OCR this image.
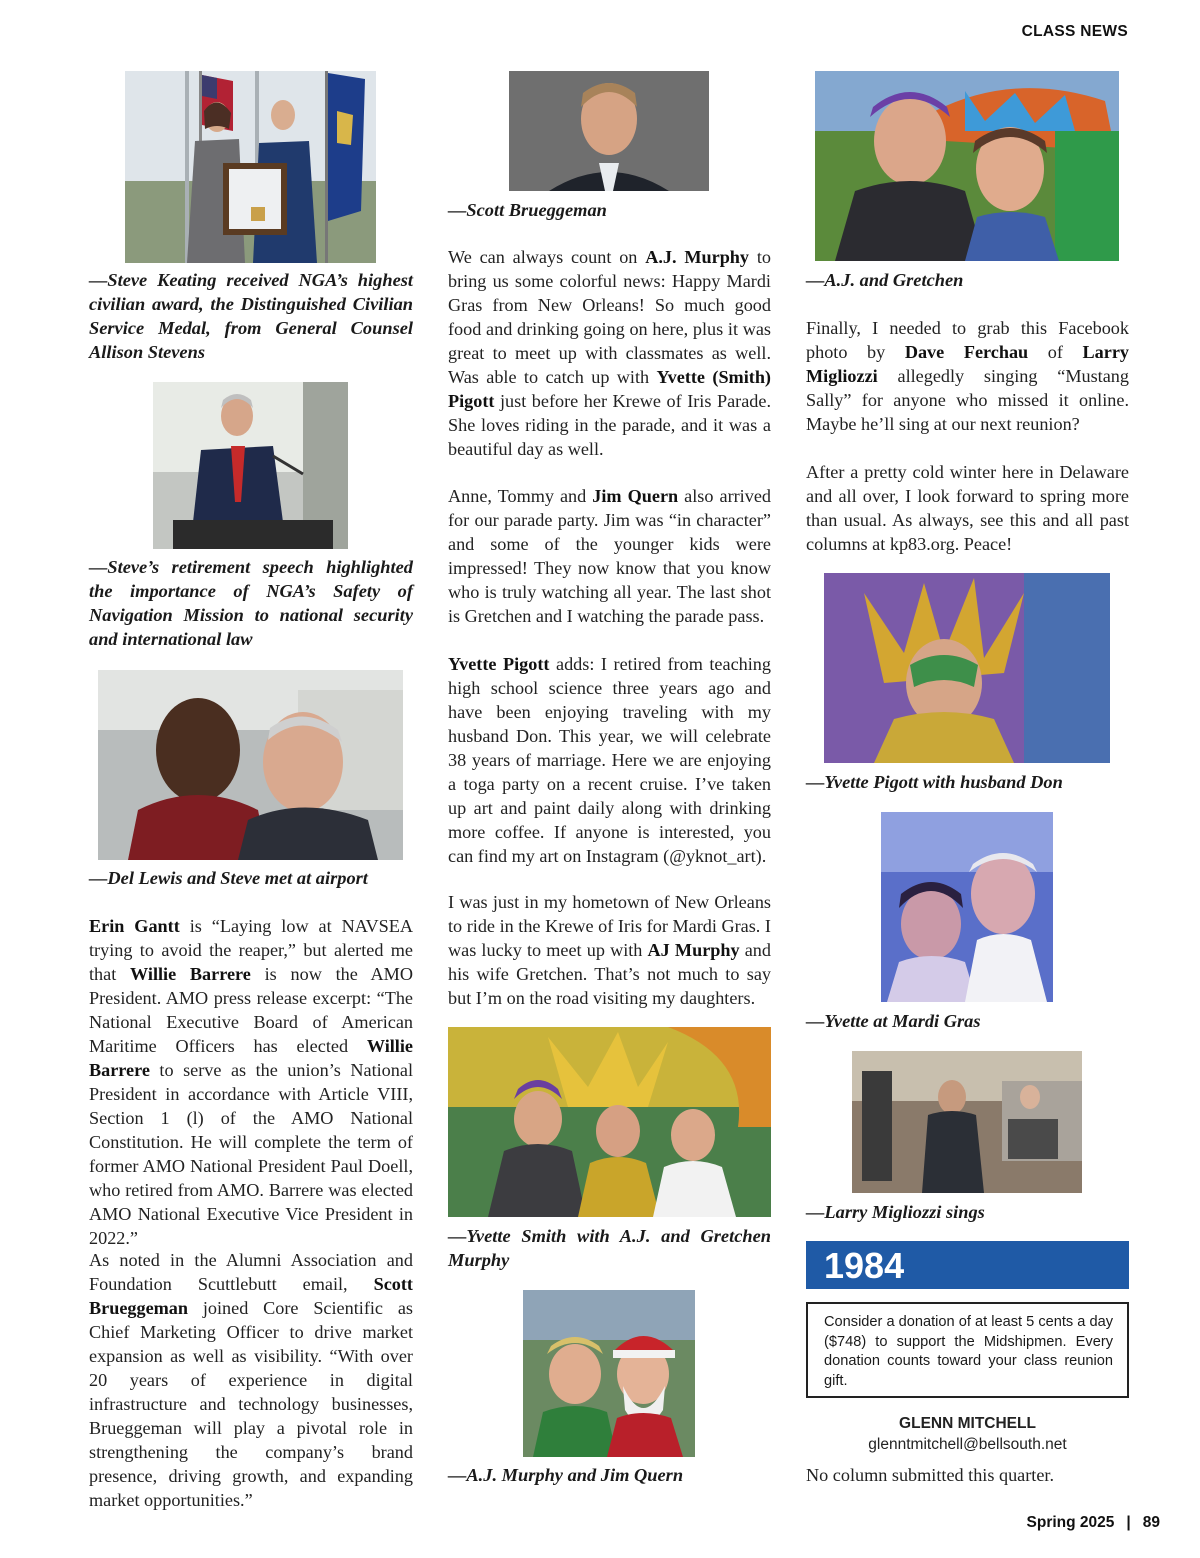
CLASS NEWS
—Steve Keating received NGA’s highest civilian award, the Distinguished Civilian Service Medal, from General Counsel Allison Stevens
—Steve’s retirement speech highlighted the importance of NGA’s Safety of Navigation Mission to national security and international law
—Del Lewis and Steve met at airport
Erin Gantt is “Laying low at NAVSEA trying to avoid the reaper,” but alerted me that Willie Barrere is now the AMO President. AMO press release excerpt: “The National Executive Board of American Maritime Officers has elected Willie Barrere to serve as the union’s National President in accordance with Article VIII, Section 1 (l) of the AMO National Constitution. He will complete the term of former AMO National President Paul Doell, who retired from AMO. Barrere was elected AMO National Executive Vice President in 2022.”
As noted in the Alumni Association and Foundation Scuttlebutt email, Scott Brueggeman joined Core Scientific as Chief Marketing Officer to drive market expansion as well as visibility. “With over 20 years of experience in digital infrastructure and technology businesses, Brueggeman will play a pivotal role in strengthening the company’s brand presence, driving growth, and expanding market opportunities.”
—Scott Brueggeman
We can always count on A.J. Murphy to bring us some colorful news: Happy Mardi Gras from New Orleans! So much good food and drinking going on here, plus it was great to meet up with classmates as well. Was able to catch up with Yvette (Smith) Pigott just before her Krewe of Iris Parade. She loves riding in the parade, and it was a beautiful day as well.
Anne, Tommy and Jim Quern also arrived for our parade party. Jim was “in character” and some of the younger kids were impressed! They now know that you know who is truly watching all year. The last shot is Gretchen and I watching the parade pass.
Yvette Pigott adds: I retired from teaching high school science three years ago and have been enjoying traveling with my husband Don. This year, we will celebrate 38 years of marriage. Here we are enjoying a toga party on a recent cruise. I’ve taken up art and paint daily along with drinking more coffee. If anyone is interested, you can find my art on Instagram (@yknot_art).
I was just in my hometown of New Orleans to ride in the Krewe of Iris for Mardi Gras. I was lucky to meet up with AJ Murphy and his wife Gretchen. That’s not much to say but I’m on the road visiting my daughters.
—Yvette Smith with A.J. and Gretchen Murphy
—A.J. Murphy and Jim Quern
—A.J. and Gretchen
Finally, I needed to grab this Facebook photo by Dave Ferchau of Larry Migliozzi allegedly singing “Mustang Sally” for anyone who missed it online. Maybe he’ll sing at our next reunion?
After a pretty cold winter here in Delaware and all over, I look forward to spring more than usual. As always, see this and all past columns at kp83.org. Peace!
—Yvette Pigott with husband Don
—Yvette at Mardi Gras
—Larry Migliozzi sings
1984
Consider a donation of at least 5 cents a day ($748) to support the Midshipmen. Every donation counts toward your class reunion gift.
GLENN MITCHELL
glenntmitchell@bellsouth.net
No column submitted this quarter.
Spring 2025 | 89
